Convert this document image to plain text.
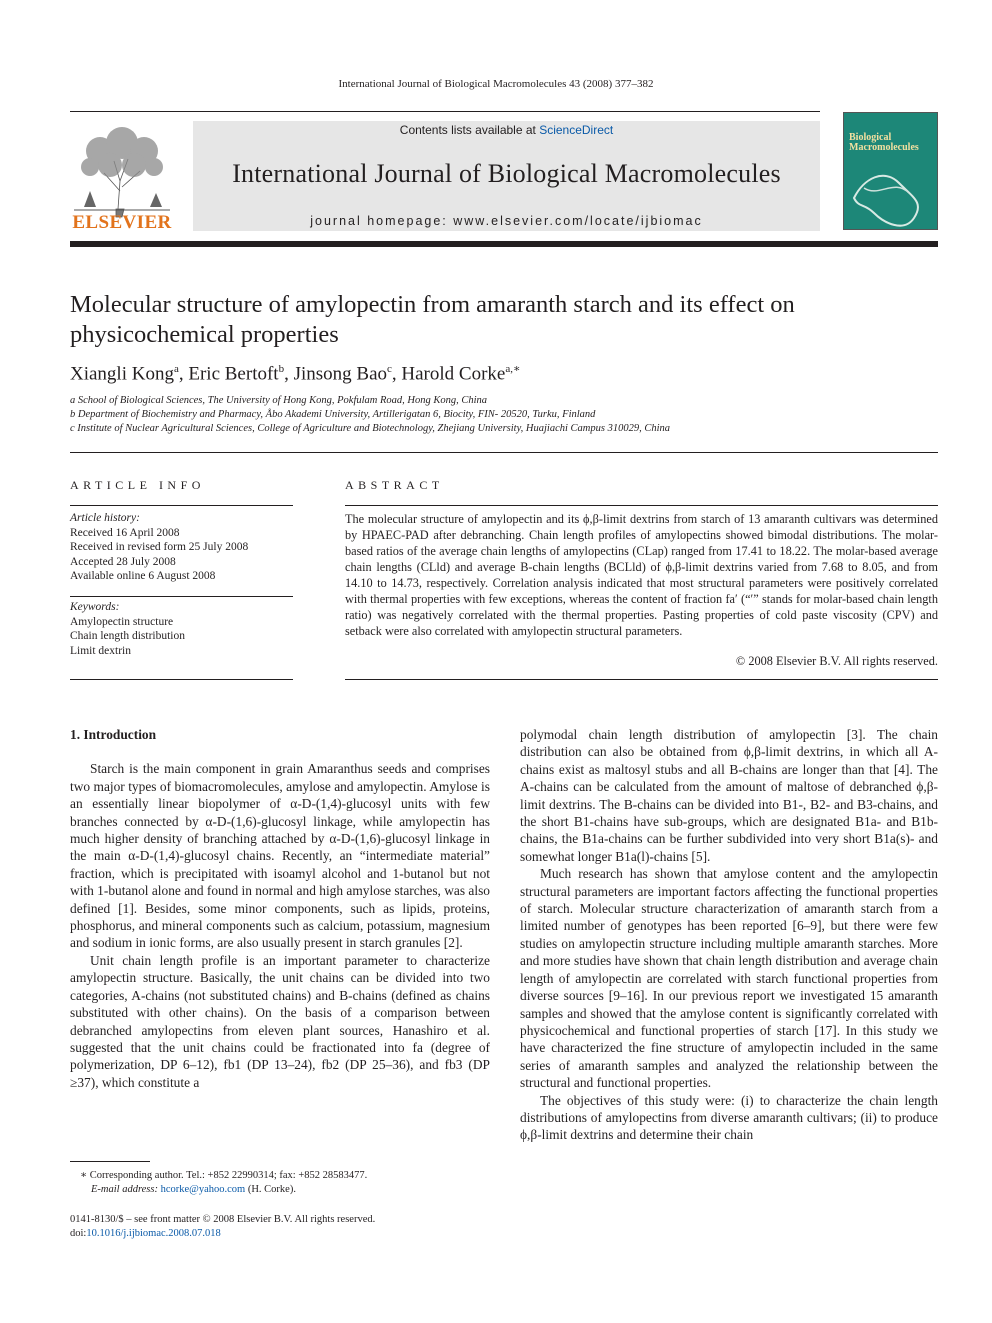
International Journal of Biological Macromolecules 43 (2008) 377–382
ELSEVIER
Contents lists available at ScienceDirect
International Journal of Biological Macromolecules
journal homepage: www.elsevier.com/locate/ijbiomac
Biological Macromolecules
Molecular structure of amylopectin from amaranth starch and its effect on physicochemical properties
Xiangli Kong$^a$, Eric Bertoft$^b$, Jinsong Bao$^c$, Harold Corke$^{a,∗}$
a School of Biological Sciences, The University of Hong Kong, Pokfulam Road, Hong Kong, China
b Department of Biochemistry and Pharmacy, Åbo Akademi University, Artillerigatan 6, Biocity, FIN- 20520, Turku, Finland
c Institute of Nuclear Agricultural Sciences, College of Agriculture and Biotechnology, Zhejiang University, Huajiachi Campus 310029, China
ARTICLE INFO	ABSTRACT
Article history:
Received 16 April 2008
Received in revised form 25 July 2008
Accepted 28 July 2008
Available online 6 August 2008
Keywords:
Amylopectin structure
Chain length distribution
Limit dextrin
The molecular structure of amylopectin and its ϕ,β-limit dextrins from starch of 13 amaranth cultivars was determined by HPAEC-PAD after debranching. Chain length profiles of amylopectins showed bimodal distributions. The molar-based ratios of the average chain lengths of amylopectins (CLap) ranged from 17.41 to 18.22. The molar-based average chain lengths (CLld) and average B-chain lengths (BCLld) of ϕ,β-limit dextrins varied from 7.68 to 8.05, and from 14.10 to 14.73, respectively. Correlation analysis indicated that most structural parameters were positively correlated with thermal properties with few exceptions, whereas the content of fraction fa′ (“′” stands for molar-based chain length ratio) was negatively correlated with the thermal properties. Pasting properties of cold paste viscosity (CPV) and setback were also correlated with amylopectin structural parameters.
© 2008 Elsevier B.V. All rights reserved.
1. Introduction

Starch is the main component in grain Amaranthus seeds and comprises two major types of biomacromolecules, amylose and amylopectin. Amylose is an essentially linear biopolymer of α-D-(1,4)-glucosyl units with few branches connected by α-D-(1,6)-glucosyl linkage, while amylopectin has much higher density of branching attached by α-D-(1,6)-glucosyl linkage in the main α-D-(1,4)-glucosyl chains. Recently, an “intermediate material” fraction, which is precipitated with isoamyl alcohol and 1-butanol but not with 1-butanol alone and found in normal and high amylose starches, was also defined [1]. Besides, some minor components, such as lipids, proteins, phosphorus, and mineral components such as calcium, potassium, magnesium and sodium in ionic forms, are also usually present in starch granules [2].

Unit chain length profile is an important parameter to characterize amylopectin structure. Basically, the unit chains can be divided into two categories, A-chains (not substituted chains) and B-chains (defined as chains substituted with other chains). On the basis of a comparison between debranched amylopectins from eleven plant sources, Hanashiro et al. suggested that the unit chains could be fractionated into fa (degree of polymerization, DP 6–12), fb1 (DP 13–24), fb2 (DP 25–36), and fb3 (DP ≥37), which constitute a

polymodal chain length distribution of amylopectin [3]. The chain distribution can also be obtained from ϕ,β-limit dextrins, in which all A-chains exist as maltosyl stubs and all B-chains are longer than that [4]. The A-chains can be calculated from the amount of maltose of debranched ϕ,β-limit dextrins. The B-chains can be divided into B1-, B2- and B3-chains, and the short B1-chains have sub-groups, which are designated B1a- and B1b-chains, the B1a-chains can be further subdivided into very short B1a(s)- and somewhat longer B1a(l)-chains [5].

Much research has shown that amylose content and the amylopectin structural parameters are important factors affecting the functional properties of starch. Molecular structure characterization of amaranth starch from a limited number of genotypes has been reported [6–9], but there were few studies on amylopectin structure including multiple amaranth starches. More and more studies have shown that chain length distribution and average chain length of amylopectin are correlated with starch functional properties from diverse sources [9–16]. In our previous report we investigated 15 amaranth samples and showed that the amylose content is significantly correlated with physicochemical and functional properties of starch [17]. In this study we have characterized the fine structure of amylopectin included in the same series of amaranth samples and analyzed the relationship between the structural and functional properties.

The objectives of this study were: (i) to characterize the chain length distributions of amylopectins from diverse amaranth cultivars; (ii) to produce ϕ,β-limit dextrins and determine their chain

∗ Corresponding author. Tel.: +852 22990314; fax: +852 28583477.
E-mail address: hcorke@yahoo.com (H. Corke).
0141-8130/$ – see front matter © 2008 Elsevier B.V. All rights reserved.
doi:10.1016/j.ijbiomac.2008.07.018
